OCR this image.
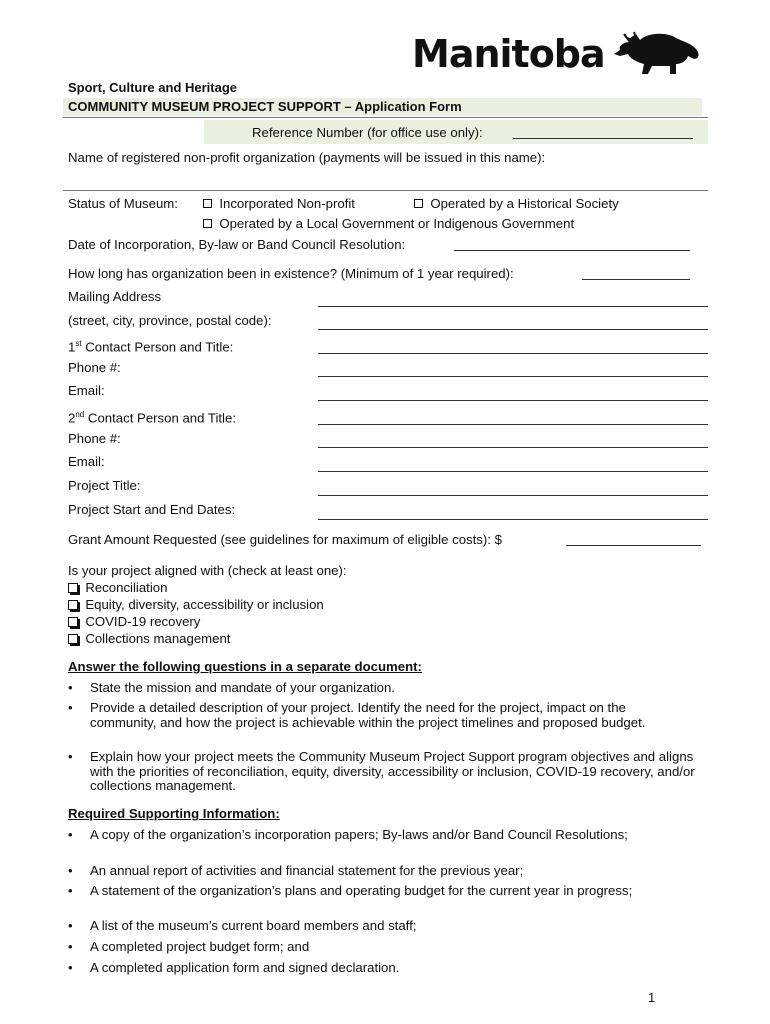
Manitoba
Sport, Culture and Heritage
COMMUNITY MUSEUM PROJECT SUPPORT – Application Form
Reference Number (for office use only):
Name of registered non-profit organization (payments will be issued in this name):
Status of Museum:	Incorporated Non-profit	Operated by a Historical Society
Operated by a Local Government or Indigenous Government
Date of Incorporation, By-law or Band Council Resolution:
How long has organization been in existence? (Minimum of 1 year required):
Mailing Address
(street, city, province, postal code):
1st Contact Person and Title:
Phone #:
Email:
2nd Contact Person and Title:
Phone #:
Email:
Project Title:
Project Start and End Dates:
Grant Amount Requested (see guidelines for maximum of eligible costs): $
Is your project aligned with (check at least one):
Reconciliation
Equity, diversity, accessibility or inclusion
COVID-19 recovery
Collections management
Answer the following questions in a separate document:
• State the mission and mandate of your organization.
• Provide a detailed description of your project. Identify the need for the project, impact on the community, and how the project is achievable within the project timelines and proposed budget.
• Explain how your project meets the Community Museum Project Support program objectives and aligns with the priorities of reconciliation, equity, diversity, accessibility or inclusion, COVID-19 recovery, and/or collections management.
Required Supporting Information:
• A copy of the organization’s incorporation papers; By-laws and/or Band Council Resolutions;
• An annual report of activities and financial statement for the previous year;
• A statement of the organization’s plans and operating budget for the current year in progress;
• A list of the museum’s current board members and staff;
• A completed project budget form; and
• A completed application form and signed declaration.
1
